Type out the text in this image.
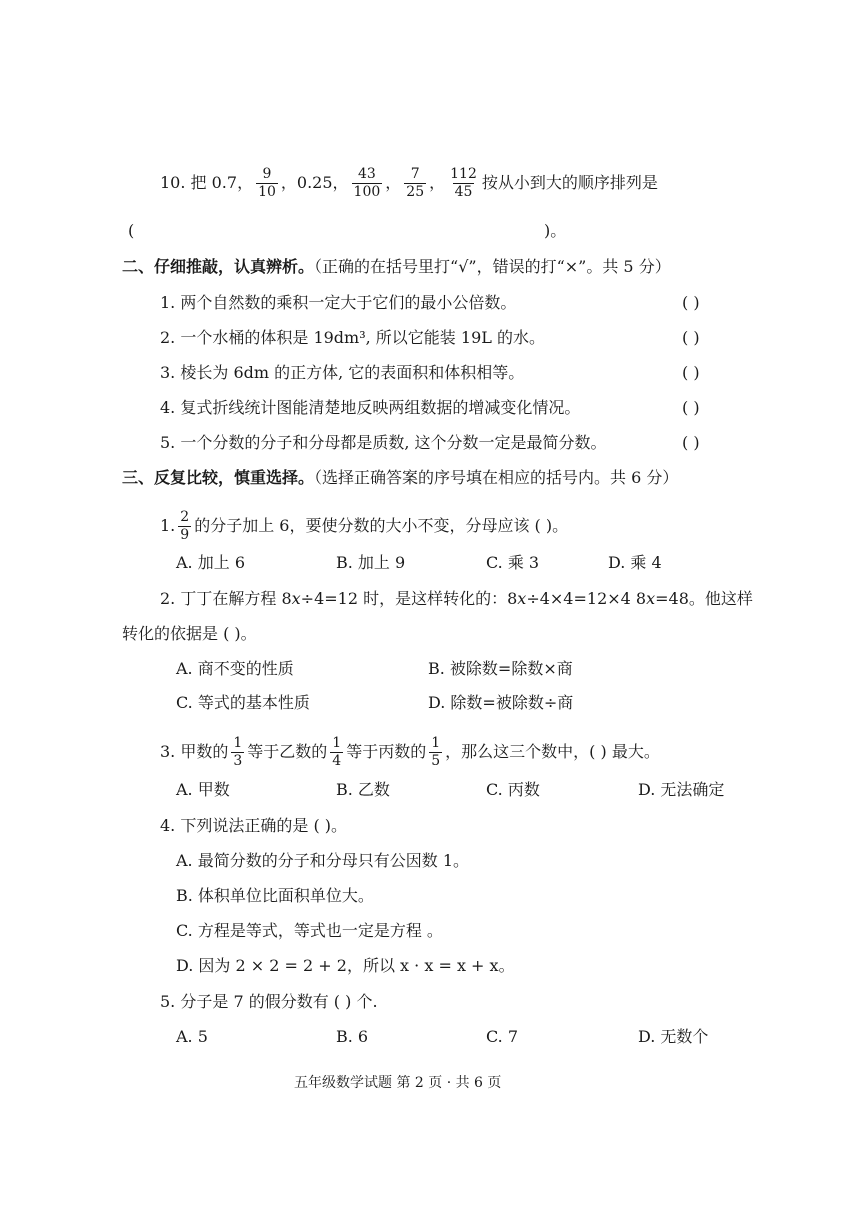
10. 把 0.7， $\frac{9}{10}$ ，0.25， $\frac{43}{100}$ ， $\frac{7}{25}$ ， $\frac{112}{45}$ 按从小到大的顺序排列是
(	)。
二、仔细推敲，认真辨析。（正确的在括号里打“√”，错误的打“×”。共 5 分）
1. 两个自然数的乘积一定大于它们的最小公倍数。	( )
2. 一个水桶的体积是 19dm³, 所以它能装 19L 的水。	( )
3. 棱长为 6dm 的正方体, 它的表面积和体积相等。	( )
4. 复式折线统计图能清楚地反映两组数据的增减变化情况。	( )
5. 一个分数的分子和分母都是质数, 这个分数一定是最简分数。	( )
三、反复比较，慎重选择。（选择正确答案的序号填在相应的括号内。共 6 分）
1. $\frac{2}{9}$ 的分子加上 6，要使分数的大小不变，分母应该 ( )。
A. 加上 6	B. 加上 9	C. 乘 3	D. 乘 4
2. 丁丁在解方程 8x÷4=12 时，是这样转化的：8x÷4×4=12×4 8x=48。他这样
转化的依据是 ( )。
A. 商不变的性质	B. 被除数=除数×商
C. 等式的基本性质	D. 除数=被除数÷商
3. 甲数的 $\frac{1}{3}$ 等于乙数的 $\frac{1}{4}$ 等于丙数的 $\frac{1}{5}$ ，那么这三个数中，( ) 最大。
A. 甲数	B. 乙数	C. 丙数	D. 无法确定
4. 下列说法正确的是 ( )。
A. 最简分数的分子和分母只有公因数 1。
B. 体积单位比面积单位大。
C. 方程是等式，等式也一定是方程 。
D. 因为 2 × 2 = 2 + 2，所以 x · x = x + x。
5. 分子是 7 的假分数有 ( ) 个.
A. 5	B. 6	C. 7	D. 无数个
五年级数学试题 第 2 页 · 共 6 页
